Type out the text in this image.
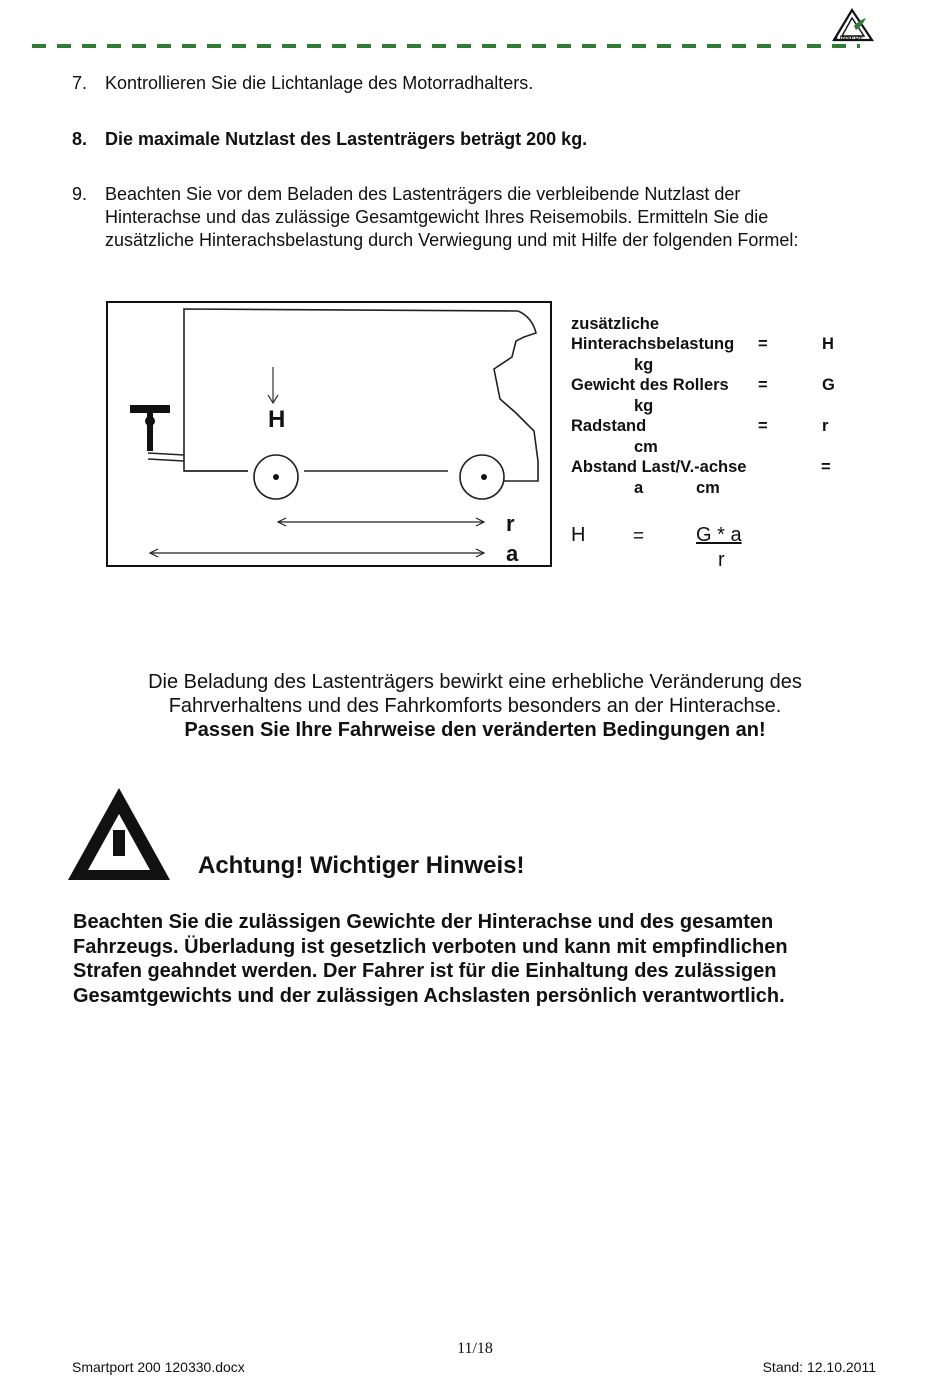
LINNEPE
7. Kontrollieren Sie die Lichtanlage des Motorradhalters.
8. Die maximale Nutzlast des Lastenträgers beträgt 200 kg.
9. Beachten Sie vor dem Beladen des Lastenträgers die verbleibende Nutzlast der
Hinterachse und das zulässige Gesamtgewicht Ihres Reisemobils. Ermitteln Sie die
zusätzliche Hinterachsbelastung durch Verwiegung und mit Hilfe der folgenden Formel:
H
r
a
zusätzliche
Hinterachsbelastung =	H
kg
Gewicht des Rollers =	G
kg
Radstand	=	r
cm
Abstand Last/V.-achse	=
a	cm
H	=	G * a
r
Die Beladung des Lastenträgers bewirkt eine erhebliche Veränderung des
Fahrverhaltens und des Fahrkomforts besonders an der Hinterachse.
Passen Sie Ihre Fahrweise den veränderten Bedingungen an!
Achtung! Wichtiger Hinweis!
Beachten Sie die zulässigen Gewichte der Hinterachse und des gesamten
Fahrzeugs. Überladung ist gesetzlich verboten und kann mit empfindlichen
Strafen geahndet werden. Der Fahrer ist für die Einhaltung des zulässigen
Gesamtgewichts und der zulässigen Achslasten persönlich verantwortlich.
11/18
Smartport 200 120330.docx	Stand: 12.10.2011
